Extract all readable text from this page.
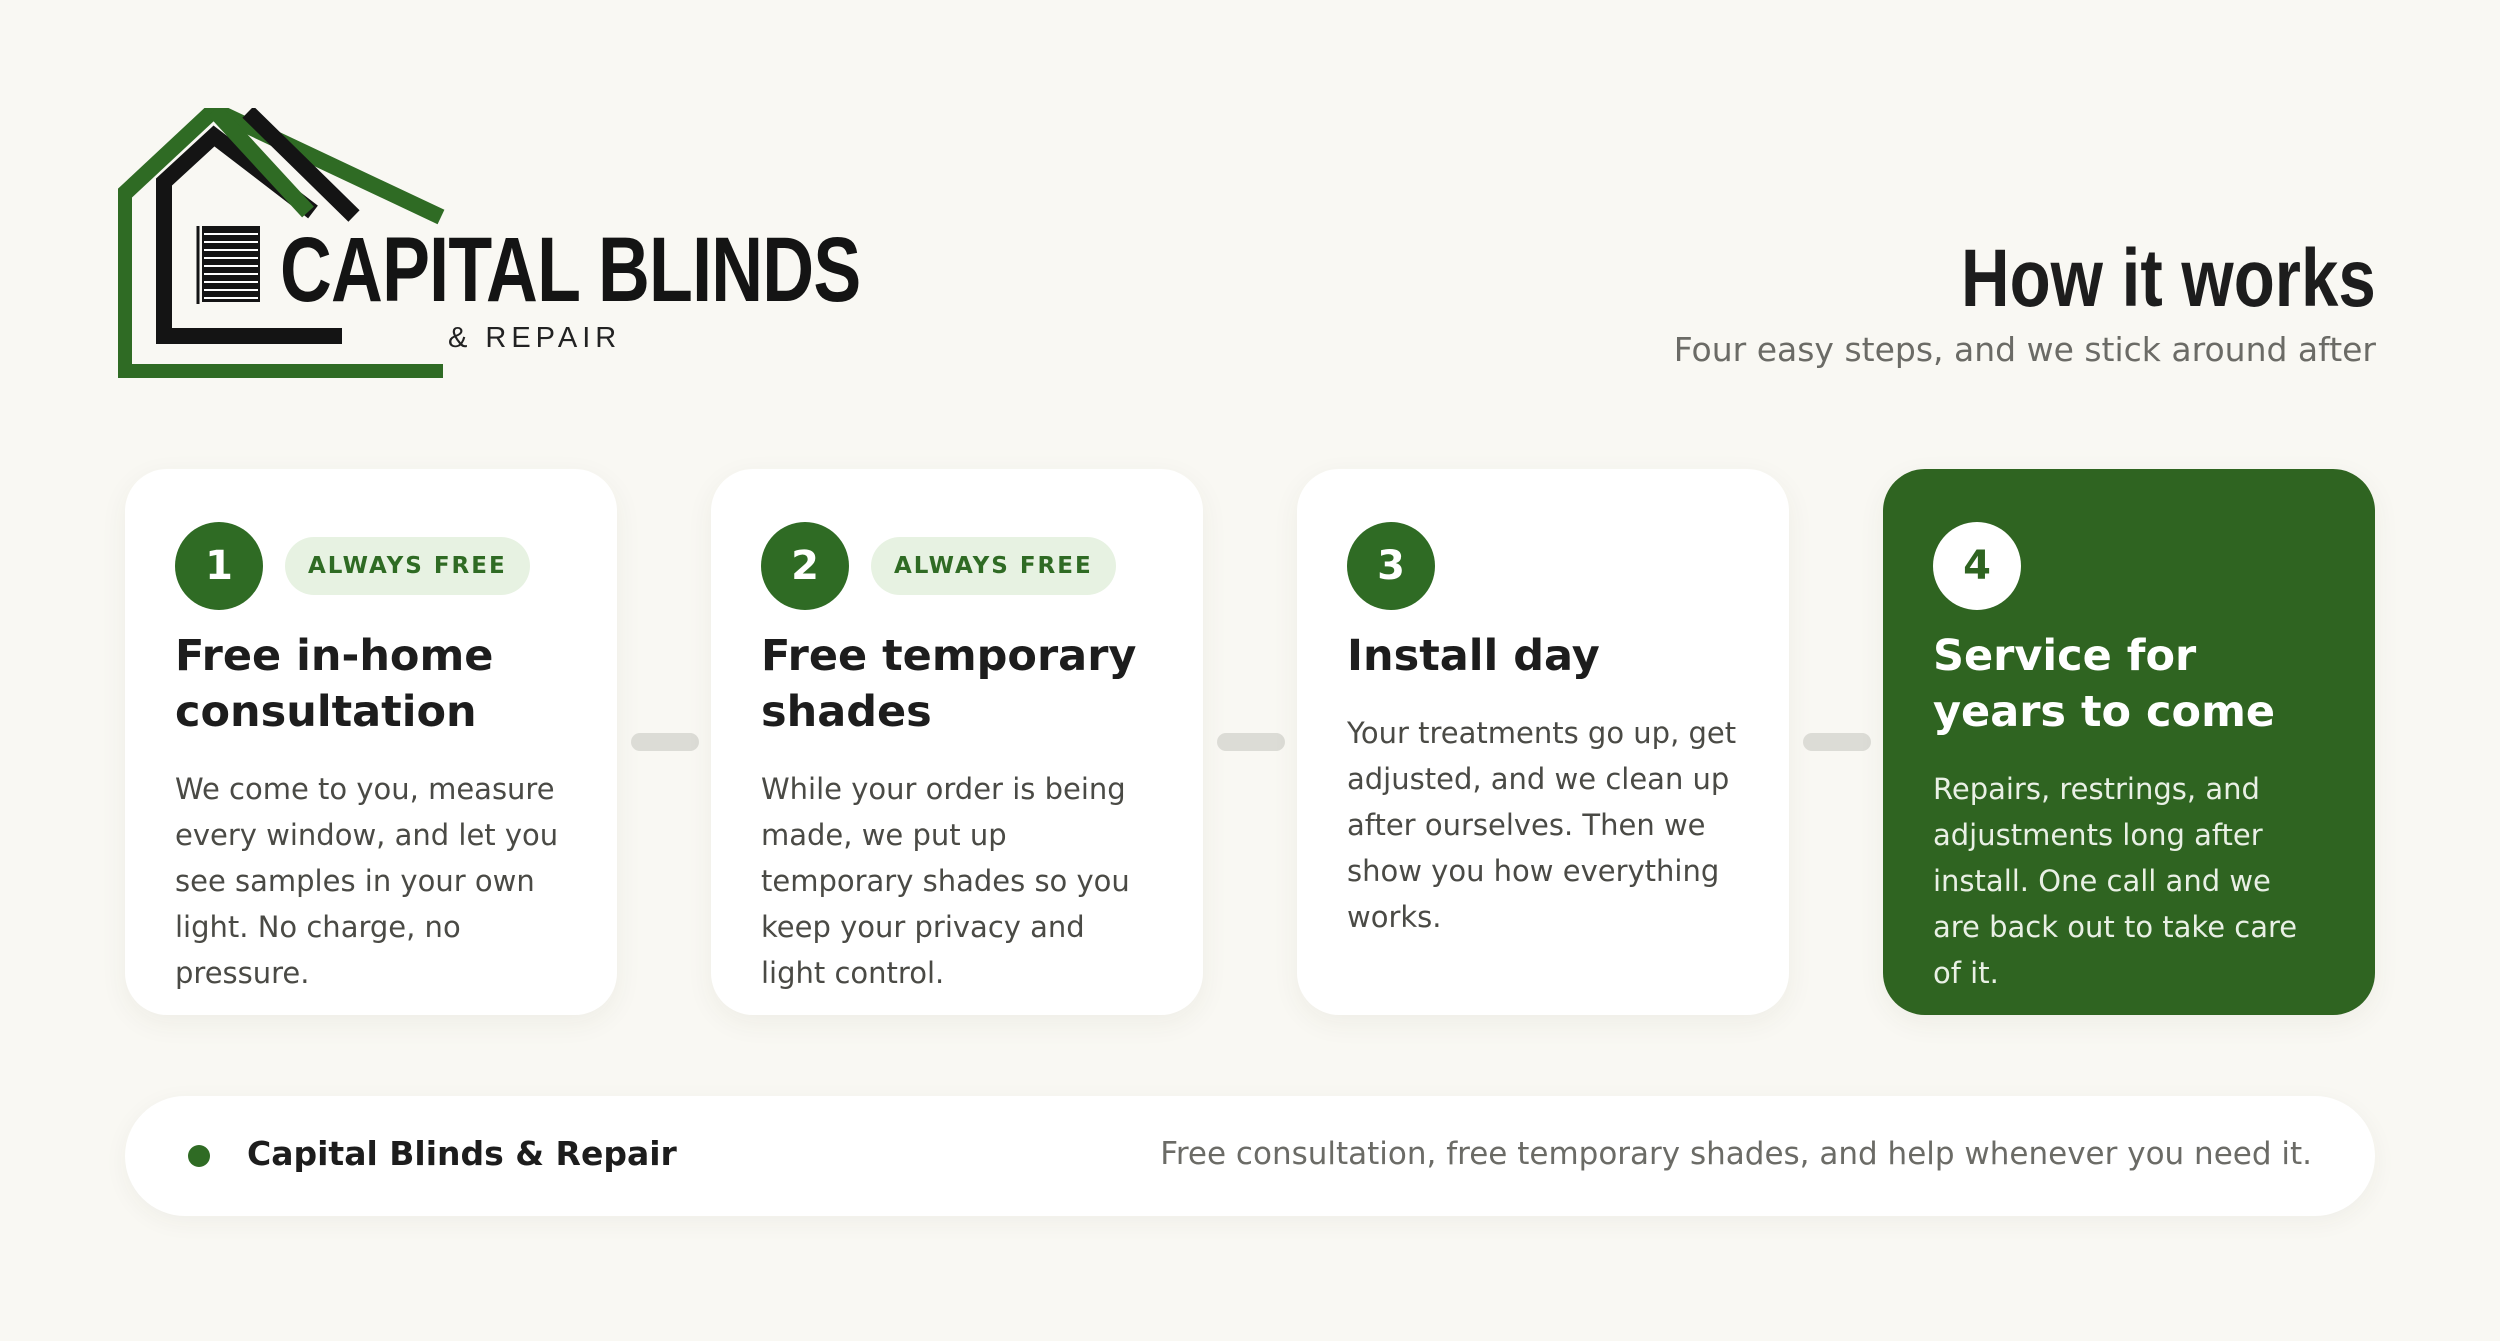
CAPITAL BLINDS
& REPAIR
How it works
Four easy steps, and we stick around after
1	ALWAYS FREE
Free in-home consultation
We come to you, measure every window, and let you see samples in your own light. No charge, no pressure.
2	ALWAYS FREE
Free temporary shades
While your order is being made, we put up temporary shades so you keep your privacy and light control.
3
Install day
Your treatments go up, get adjusted, and we clean up after ourselves. Then we show you how everything works.
4
Service for years to come
Repairs, restrings, and adjustments long after install. One call and we are back out to take care of it.
Capital Blinds & Repair	Free consultation, free temporary shades, and help whenever you need it.
